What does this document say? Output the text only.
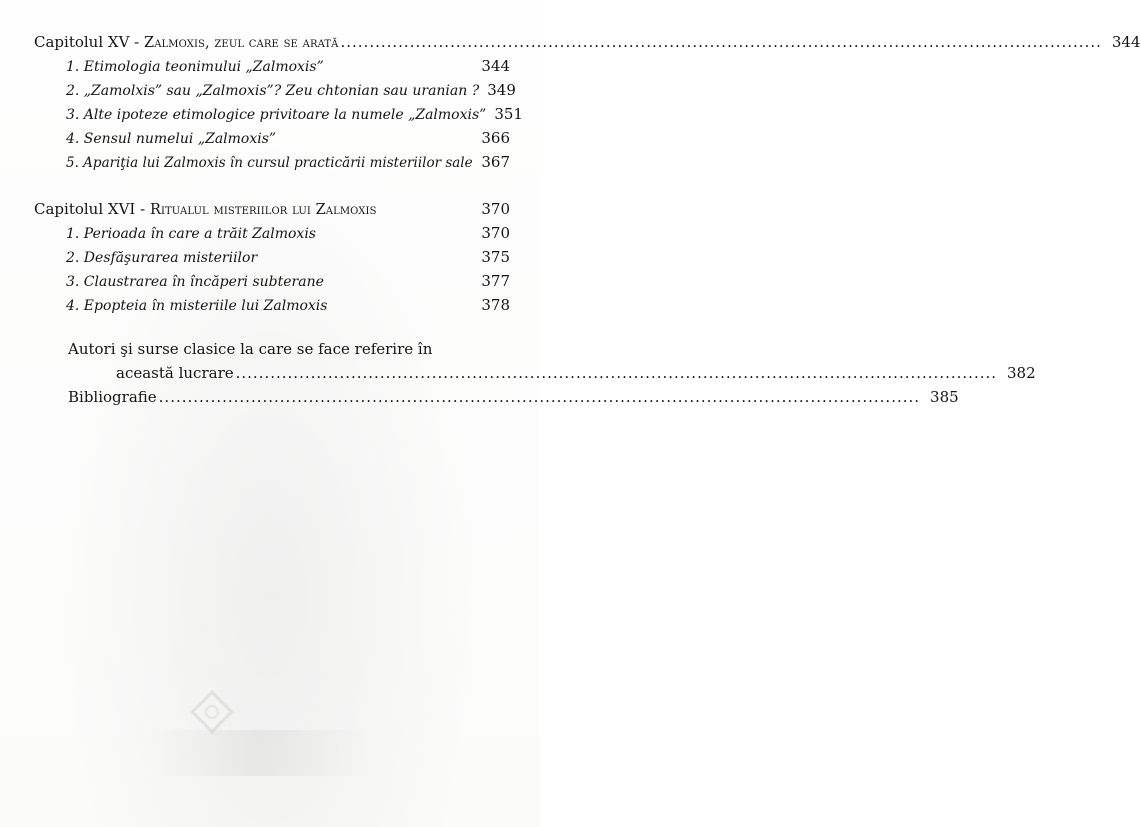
Capitolul XV - Zalmoxis, zeul care se arată .....	344
1. Etimologia teonimului „Zalmoxis”	344
2. „Zamolxis” sau „Zalmoxis”? Zeu chtonian sau uranian ? 349
3. Alte ipoteze etimologice privitoare la numele „Zalmoxis” 351
4. Sensul numelui „Zalmoxis”	366
5. Apariţia lui Zalmoxis în cursul practicării misteriilor sale 367
Capitolul XVI - Ritualul misteriilor lui Zalmoxis	370
1. Perioada în care a trăit Zalmoxis	370
2. Desfăşurarea misteriilor	375
3. Claustrarea în încăperi subterane	377
4. Epopteia în misteriile lui Zalmoxis	378
Autori şi surse clasice la care se face referire în
această lucrare .....	382
Bibliografie .....	385
